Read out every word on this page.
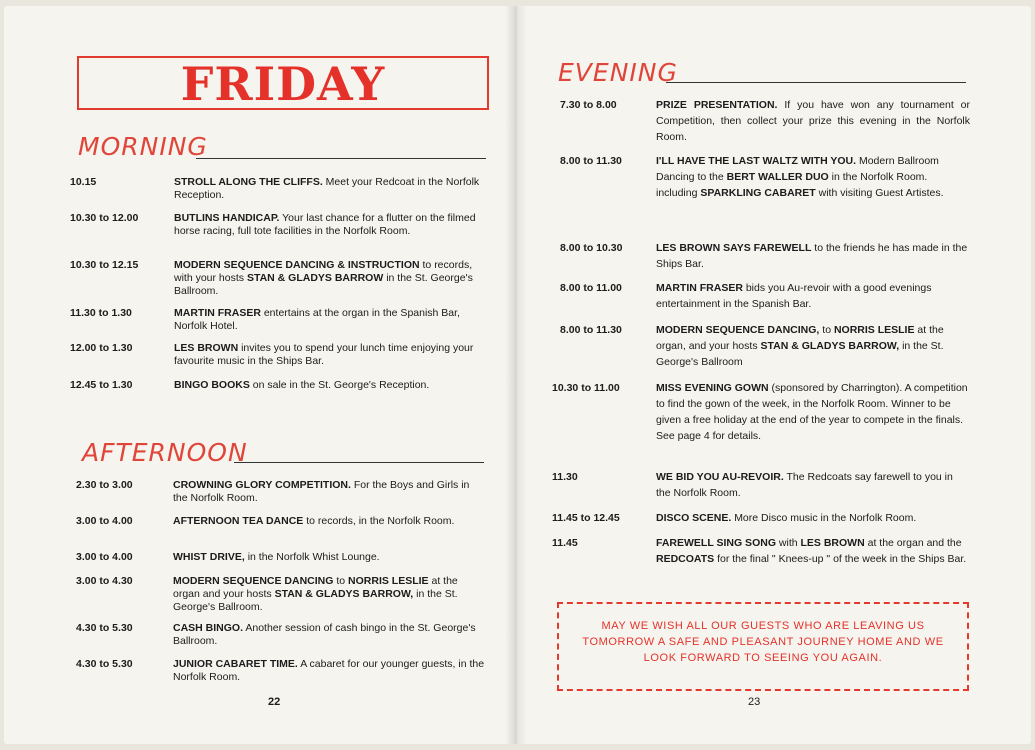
FRIDAY
MORNING
10.15	STROLL ALONG THE CLIFFS. Meet your Redcoat in the Norfolk Reception.
10.30 to 12.00	BUTLINS HANDICAP. Your last chance for a flutter on the filmed horse racing, full tote facilities in the Norfolk Room.
10.30 to 12.15	MODERN SEQUENCE DANCING & INSTRUCTION to records, with your hosts STAN & GLADYS BARROW in the St. George's Ballroom.
11.30 to 1.30	MARTIN FRASER entertains at the organ in the Spanish Bar, Norfolk Hotel.
12.00 to 1.30	LES BROWN invites you to spend your lunch time enjoying your favourite music in the Ships Bar.
12.45 to 1.30	BINGO BOOKS on sale in the St. George's Reception.
AFTERNOON
2.30 to 3.00	CROWNING GLORY COMPETITION. For the Boys and Girls in the Norfolk Room.
3.00 to 4.00	AFTERNOON TEA DANCE to records, in the Norfolk Room.
3.00 to 4.00	WHIST DRIVE, in the Norfolk Whist Lounge.
3.00 to 4.30	MODERN SEQUENCE DANCING to NORRIS LESLIE at the organ and your hosts STAN & GLADYS BARROW, in the St. George's Ballroom.
4.30 to 5.30	CASH BINGO. Another session of cash bingo in the St. George's Ballroom.
4.30 to 5.30	JUNIOR CABARET TIME. A cabaret for our younger guests, in the Norfolk Room.
22
EVENING
7.30 to 8.00	PRIZE PRESENTATION. If you have won any tournament or Competition, then collect your prize this evening in the Norfolk Room.
8.00 to 11.30	I'LL HAVE THE LAST WALTZ WITH YOU. Modern Ballroom Dancing to the BERT WALLER DUO in the Norfolk Room.
including SPARKLING CABARET with visiting Guest Artistes.
8.00 to 10.30	LES BROWN SAYS FAREWELL to the friends he has made in the Ships Bar.
8.00 to 11.00	MARTIN FRASER bids you Au-revoir with a good evenings entertainment in the Spanish Bar.
8.00 to 11.30	MODERN SEQUENCE DANCING, to NORRIS LESLIE at the organ, and your hosts STAN & GLADYS BARROW, in the St. George's Ballroom
10.30 to 11.00	MISS EVENING GOWN (sponsored by Charrington). A competition to find the gown of the week, in the Norfolk Room. Winner to be given a free holiday at the end of the year to compete in the finals. See page 4 for details.
11.30	WE BID YOU AU-REVOIR. The Redcoats say farewell to you in the Norfolk Room.
11.45 to 12.45	DISCO SCENE. More Disco music in the Norfolk Room.
11.45	FAREWELL SING SONG with LES BROWN at the organ and the REDCOATS for the final " Knees-up " of the week in the Ships Bar.
MAY WE WISH ALL OUR GUESTS WHO ARE LEAVING US TOMORROW A SAFE AND PLEASANT JOURNEY HOME AND WE LOOK FORWARD TO SEEING YOU AGAIN.
23
